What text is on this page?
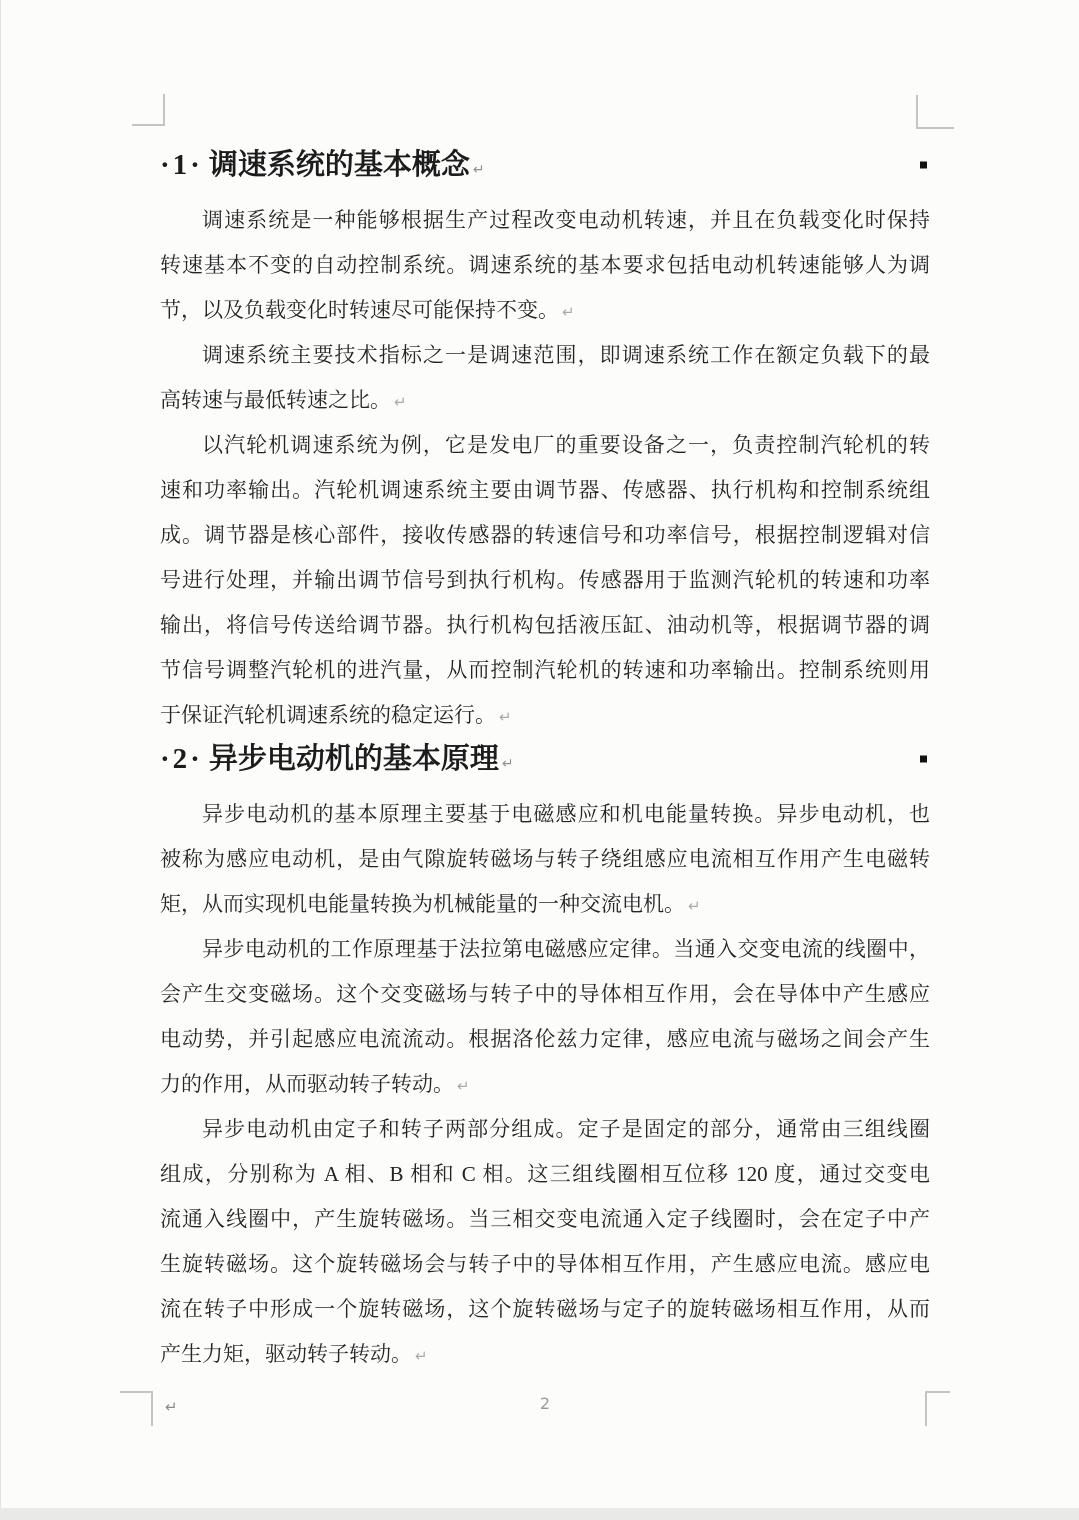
·1· 调速系统的基本概念 ↵
调速系统是一种能够根据生产过程改变电动机转速，并且在负载变化时保持
转速基本不变的自动控制系统。调速系统的基本要求包括电动机转速能够人为调
节，以及负载变化时转速尽可能保持不变。 ↵
调速系统主要技术指标之一是调速范围，即调速系统工作在额定负载下的最
高转速与最低转速之比。 ↵
以汽轮机调速系统为例，它是发电厂的重要设备之一，负责控制汽轮机的转
速和功率输出。汽轮机调速系统主要由调节器、传感器、执行机构和控制系统组
成。调节器是核心部件，接收传感器的转速信号和功率信号，根据控制逻辑对信
号进行处理，并输出调节信号到执行机构。传感器用于监测汽轮机的转速和功率
输出，将信号传送给调节器。执行机构包括液压缸、油动机等，根据调节器的调
节信号调整汽轮机的进汽量，从而控制汽轮机的转速和功率输出。控制系统则用
于保证汽轮机调速系统的稳定运行。 ↵
·2· 异步电动机的基本原理 ↵
异步电动机的基本原理主要基于电磁感应和机电能量转换。异步电动机，也
被称为感应电动机，是由气隙旋转磁场与转子绕组感应电流相互作用产生电磁转
矩，从而实现机电能量转换为机械能量的一种交流电机。 ↵
异步电动机的工作原理基于法拉第电磁感应定律。当通入交变电流的线圈中，
会产生交变磁场。这个交变磁场与转子中的导体相互作用，会在导体中产生感应
电动势，并引起感应电流流动。根据洛伦兹力定律，感应电流与磁场之间会产生
力的作用，从而驱动转子转动。 ↵
异步电动机由定子和转子两部分组成。定子是固定的部分，通常由三组线圈
组成，分别称为 A 相、B 相和 C 相。这三组线圈相互位移 120 度，通过交变电
流通入线圈中，产生旋转磁场。当三相交变电流通入定子线圈时，会在定子中产
生旋转磁场。这个旋转磁场会与转子中的导体相互作用，产生感应电流。感应电
流在转子中形成一个旋转磁场，这个旋转磁场与定子的旋转磁场相互作用，从而
产生力矩，驱动转子转动。 ↵
↵	2
